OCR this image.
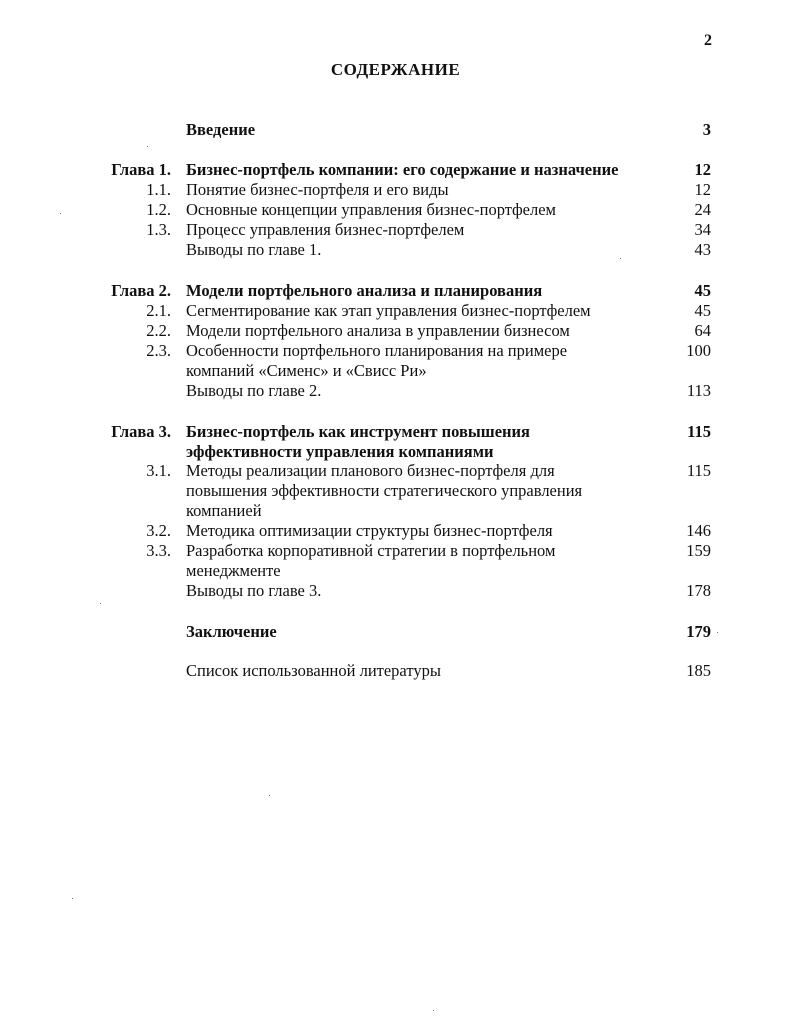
2
СОДЕРЖАНИЕ
Введение	3
Глава 1. Бизнес-портфель компании: его содержание и назначение	12
1.1. Понятие бизнес-портфеля и его виды	12
1.2. Основные концепции управления бизнес-портфелем	24
1.3. Процесс управления бизнес-портфелем	34
Выводы по главе 1.	43
Глава 2. Модели портфельного анализа и планирования	45
2.1. Сегментирование как этап управления бизнес-портфелем	45
2.2. Модели портфельного анализа в управлении бизнесом	64
2.3. Особенности портфельного планирования на примере	100
компаний «Сименс» и «Свисс Ри»
Выводы по главе 2.	113
Глава 3. Бизнес-портфель как инструмент повышения	115
эффективности управления компаниями
3.1. Методы реализации планового бизнес-портфеля для	115
повышения эффективности стратегического управления
компанией
3.2. Методика оптимизации структуры бизнес-портфеля	146
3.3. Разработка корпоративной стратегии в портфельном	159
менеджменте
Выводы по главе 3.	178
Заключение	179
Список использованной литературы	185
